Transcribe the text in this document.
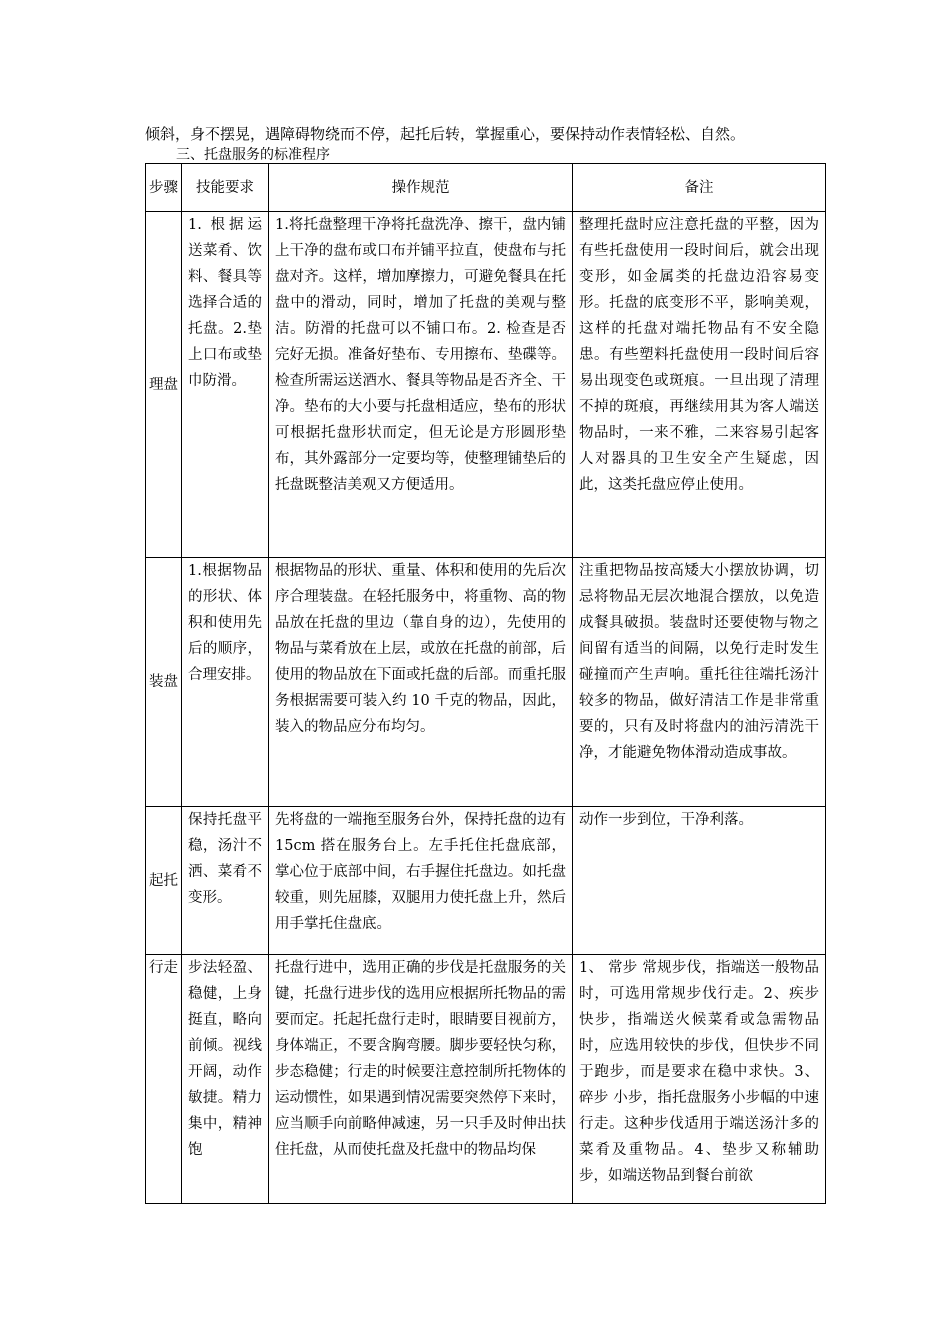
倾斜，身不摆晃，遇障碍物绕而不停，起托后转，掌握重心，要保持动作表情轻松、自然。
三、托盘服务的标准程序
步骤	技能要求	操作规范	备注
理盘	1. 根据运送菜肴、饮料、餐具等选择合适的托盘。2.垫上口布或垫巾防滑。	1.将托盘整理干净将托盘洗净、擦干，盘内铺上干净的盘布或口布并铺平拉直，使盘布与托盘对齐。这样，增加摩擦力，可避免餐具在托盘中的滑动，同时，增加了托盘的美观与整洁。防滑的托盘可以不铺口布。2. 检查是否完好无损。准备好垫布、专用擦布、垫碟等。检查所需运送酒水、餐具等物品是否齐全、干净。垫布的大小要与托盘相适应，垫布的形状可根据托盘形状而定，但无论是方形圆形垫布，其外露部分一定要均等，使整理铺垫后的托盘既整洁美观又方便适用。	整理托盘时应注意托盘的平整，因为有些托盘使用一段时间后，就会出现变形，如金属类的托盘边沿容易变形。托盘的底变形不平，影响美观，这样的托盘对端托物品有不安全隐患。有些塑料托盘使用一段时间后容易出现变色或斑痕。一旦出现了清理不掉的斑痕，再继续用其为客人端送物品时，一来不雅，二来容易引起客人对器具的卫生安全产生疑虑，因此，这类托盘应停止使用。
装盘	1.根据物品的形状、体积和使用先后的顺序，合理安排。	根据物品的形状、重量、体积和使用的先后次序合理装盘。在轻托服务中，将重物、高的物品放在托盘的里边（靠自身的边），先使用的物品与菜肴放在上层，或放在托盘的前部，后使用的物品放在下面或托盘的后部。而重托服务根据需要可装入约 10 千克的物品，因此，装入的物品应分布均匀。	注重把物品按高矮大小摆放协调，切忌将物品无层次地混合摆放，以免造成餐具破损。装盘时还要使物与物之间留有适当的间隔，以免行走时发生碰撞而产生声响。重托往往端托汤汁较多的物品，做好清洁工作是非常重要的，只有及时将盘内的油污清洗干净，才能避免物体滑动造成事故。
起托	保持托盘平稳，汤汁不洒、菜肴不变形。	先将盘的一端拖至服务台外，保持托盘的边有 15cm 搭在服务台上。左手托住托盘底部，掌心位于底部中间，右手握住托盘边。如托盘较重，则先屈膝，双腿用力使托盘上升，然后用手掌托住盘底。	动作一步到位，干净利落。
行走	步法轻盈、稳健，上身挺直，略向前倾。视线开阔，动作敏捷。精力集中，精神饱	托盘行进中，选用正确的步伐是托盘服务的关键，托盘行进步伐的选用应根据所托物品的需要而定。托起托盘行走时，眼睛要目视前方，身体端正，不要含胸弯腰。脚步要轻快匀称，步态稳健；行走的时候要注意控制所托物体的运动惯性，如果遇到情况需要突然停下来时，应当顺手向前略伸减速，另一只手及时伸出扶住托盘，从而使托盘及托盘中的物品均保	1、 常步 常规步伐，指端送一般物品时，可选用常规步伐行走。2、疾步 快步，指端送火候菜肴或急需物品时，应选用较快的步伐，但快步不同于跑步，而是要求在稳中求快。3、碎步 小步，指托盘服务小步幅的中速行走。这种步伐适用于端送汤汁多的菜肴及重物品。4、垫步又称辅助步，如端送物品到餐台前欲
